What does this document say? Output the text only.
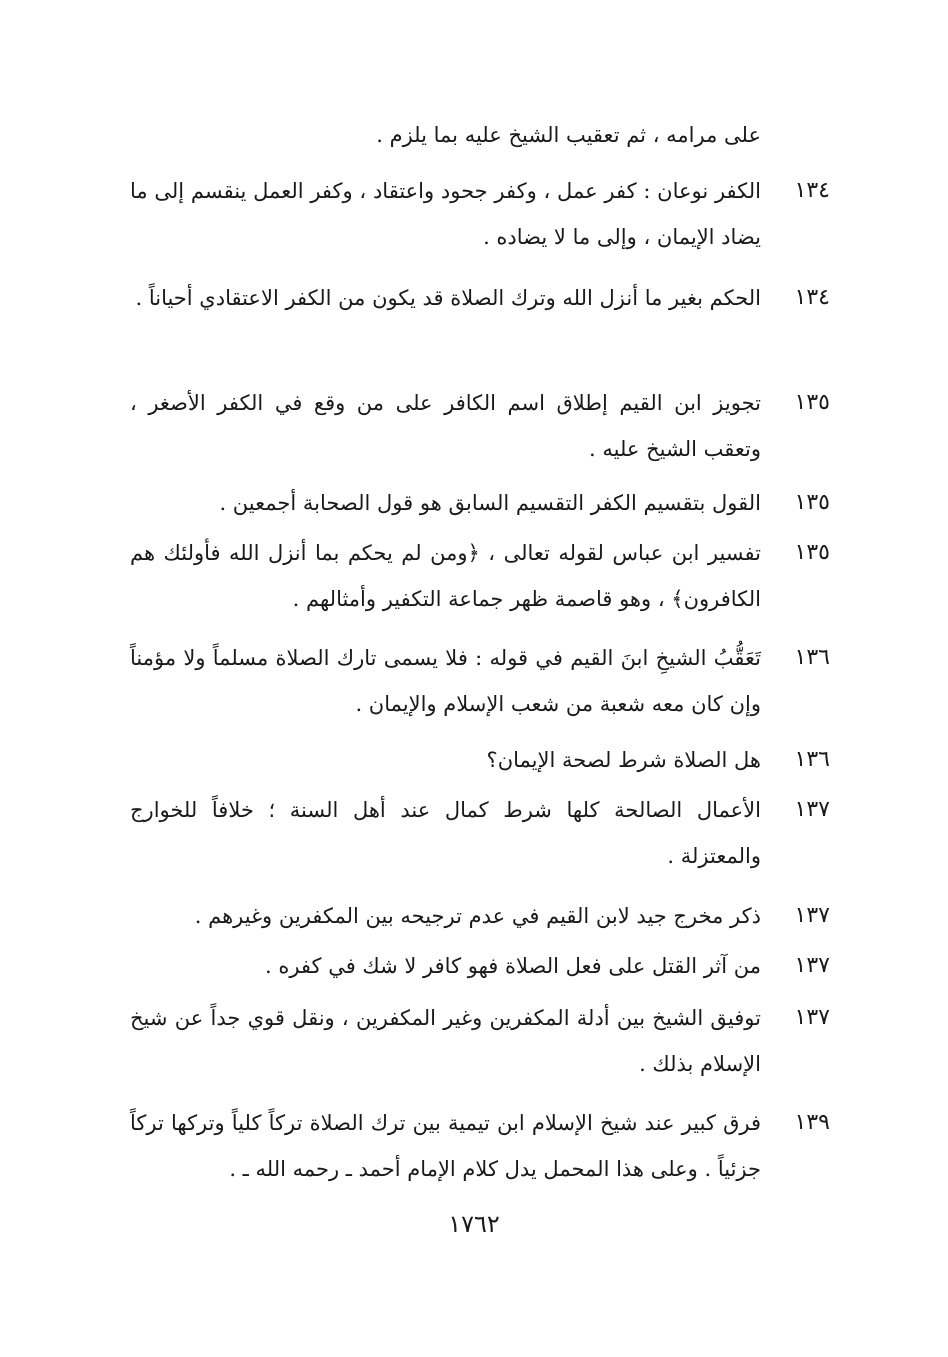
على مرامه ، ثم تعقيب الشيخ عليه بما يلزم .
١٣٤
الكفر نوعان : كفر عمل ، وكفر جحود واعتقاد ، وكفر العمل ينقسم إلى ما يضاد الإيمان ، وإلى ما لا يضاده .
١٣٤
الحكم بغير ما أنزل الله وترك الصلاة قد يكون من الكفر الاعتقادي أحياناً .
١٣٥
تجويز ابن القيم إطلاق اسم الكافر على من وقع في الكفر الأصغر ، وتعقب الشيخ عليه .
١٣٥
القول بتقسيم الكفر التقسيم السابق هو قول الصحابة أجمعين .
١٣٥
تفسير ابن عباس لقوله تعالى ، ﴿ومن لم يحكم بما أنزل الله فأولئك هم الكافرون﴾ ، وهو قاصمة ظهر جماعة التكفير وأمثالهم .
١٣٦
تَعَقُّبُ الشيخِ ابنَ القيم في قوله : فلا يسمى تارك الصلاة مسلماً ولا مؤمناً وإن كان معه شعبة من شعب الإسلام والإيمان .
١٣٦
هل الصلاة شرط لصحة الإيمان؟
١٣٧
الأعمال الصالحة كلها شرط كمال عند أهل السنة ؛ خلافاً للخوارج والمعتزلة .
١٣٧
ذكر مخرج جيد لابن القيم في عدم ترجيحه بين المكفرين وغيرهم .
١٣٧
من آثر القتل على فعل الصلاة فهو كافر لا شك في كفره .
١٣٧
توفيق الشيخ بين أدلة المكفرين وغير المكفرين ، ونقل قوي جداً عن شيخ الإسلام بذلك .
١٣٩
فرق كبير عند شيخ الإسلام ابن تيمية بين ترك الصلاة تركاً كلياً وتركها تركاً جزئياً . وعلى هذا المحمل يدل كلام الإمام أحمد ـ رحمه الله ـ .
١٧٦٢
